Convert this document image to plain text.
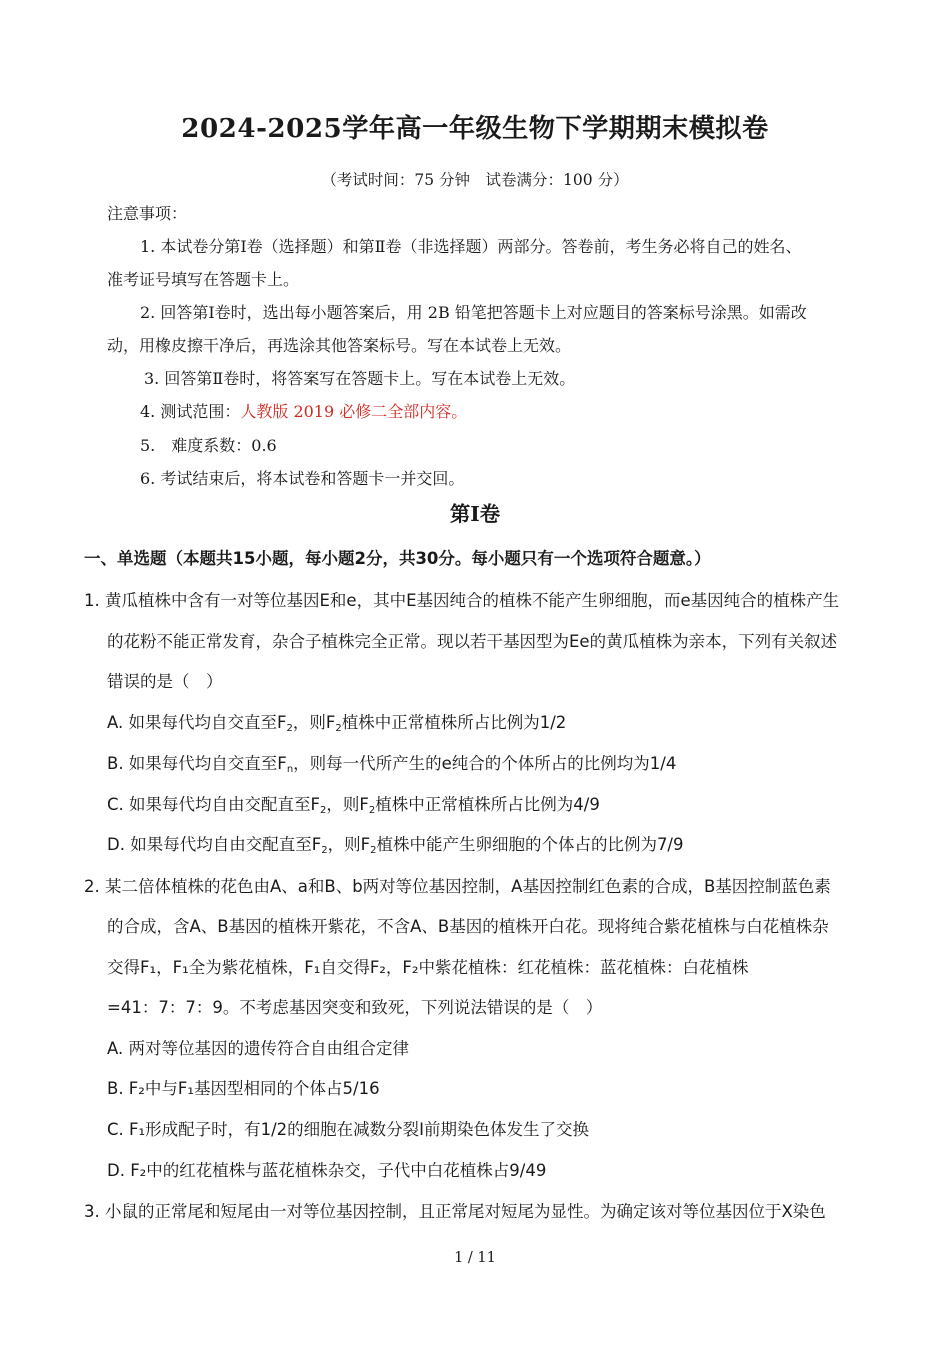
2024-2025学年高一年级生物下学期期末模拟卷
（考试时间：75 分钟　试卷满分：100 分）
注意事项：
1. 本试卷分第Ⅰ卷（选择题）和第Ⅱ卷（非选择题）两部分。答卷前，考生务必将自己的姓名、
准考证号填写在答题卡上。
2. 回答第Ⅰ卷时，选出每小题答案后，用 2B 铅笔把答题卡上对应题目的答案标号涂黑。如需改
动，用橡皮擦干净后，再选涂其他答案标号。写在本试卷上无效。
3. 回答第Ⅱ卷时，将答案写在答题卡上。写在本试卷上无效。
4. 测试范围：人教版 2019 必修二全部内容。
5.　难度系数：0.6
6. 考试结束后，将本试卷和答题卡一并交回。
第Ⅰ卷
一、单选题（本题共15小题，每小题2分，共30分。每小题只有一个选项符合题意。）
1. 黄瓜植株中含有一对等位基因E和e，其中E基因纯合的植株不能产生卵细胞，而e基因纯合的植株产生
的花粉不能正常发育，杂合子植株完全正常。现以若干基因型为Ee的黄瓜植株为亲本，下列有关叙述
错误的是（　）
A. 如果每代均自交直至$F_2$，则$F_2$植株中正常植株所占比例为1/2
B. 如果每代均自交直至$F_n$，则每一代所产生的e纯合的个体所占的比例均为1/4
C. 如果每代均自由交配直至$F_2$，则$F_2$植株中正常植株所占比例为4/9
D. 如果每代均自由交配直至$F_2$，则$F_2$植株中能产生卵细胞的个体占的比例为7/9
2. 某二倍体植株的花色由A、a和B、b两对等位基因控制，A基因控制红色素的合成，B基因控制蓝色素
的合成，含A、B基因的植株开紫花，不含A、B基因的植株开白花。现将纯合紫花植株与白花植株杂
交得F₁，F₁全为紫花植株，F₁自交得F₂，F₂中紫花植株：红花植株：蓝花植株：白花植株
=41：7：7：9。不考虑基因突变和致死，下列说法错误的是（　）
A. 两对等位基因的遗传符合自由组合定律
B. F₂中与F₁基因型相同的个体占5/16
C. F₁形成配子时，有1/2的细胞在减数分裂Ⅰ前期染色体发生了交换
D. F₂中的红花植株与蓝花植株杂交，子代中白花植株占9/49
3. 小鼠的正常尾和短尾由一对等位基因控制，且正常尾对短尾为显性。为确定该对等位基因位于X染色
1 / 11
